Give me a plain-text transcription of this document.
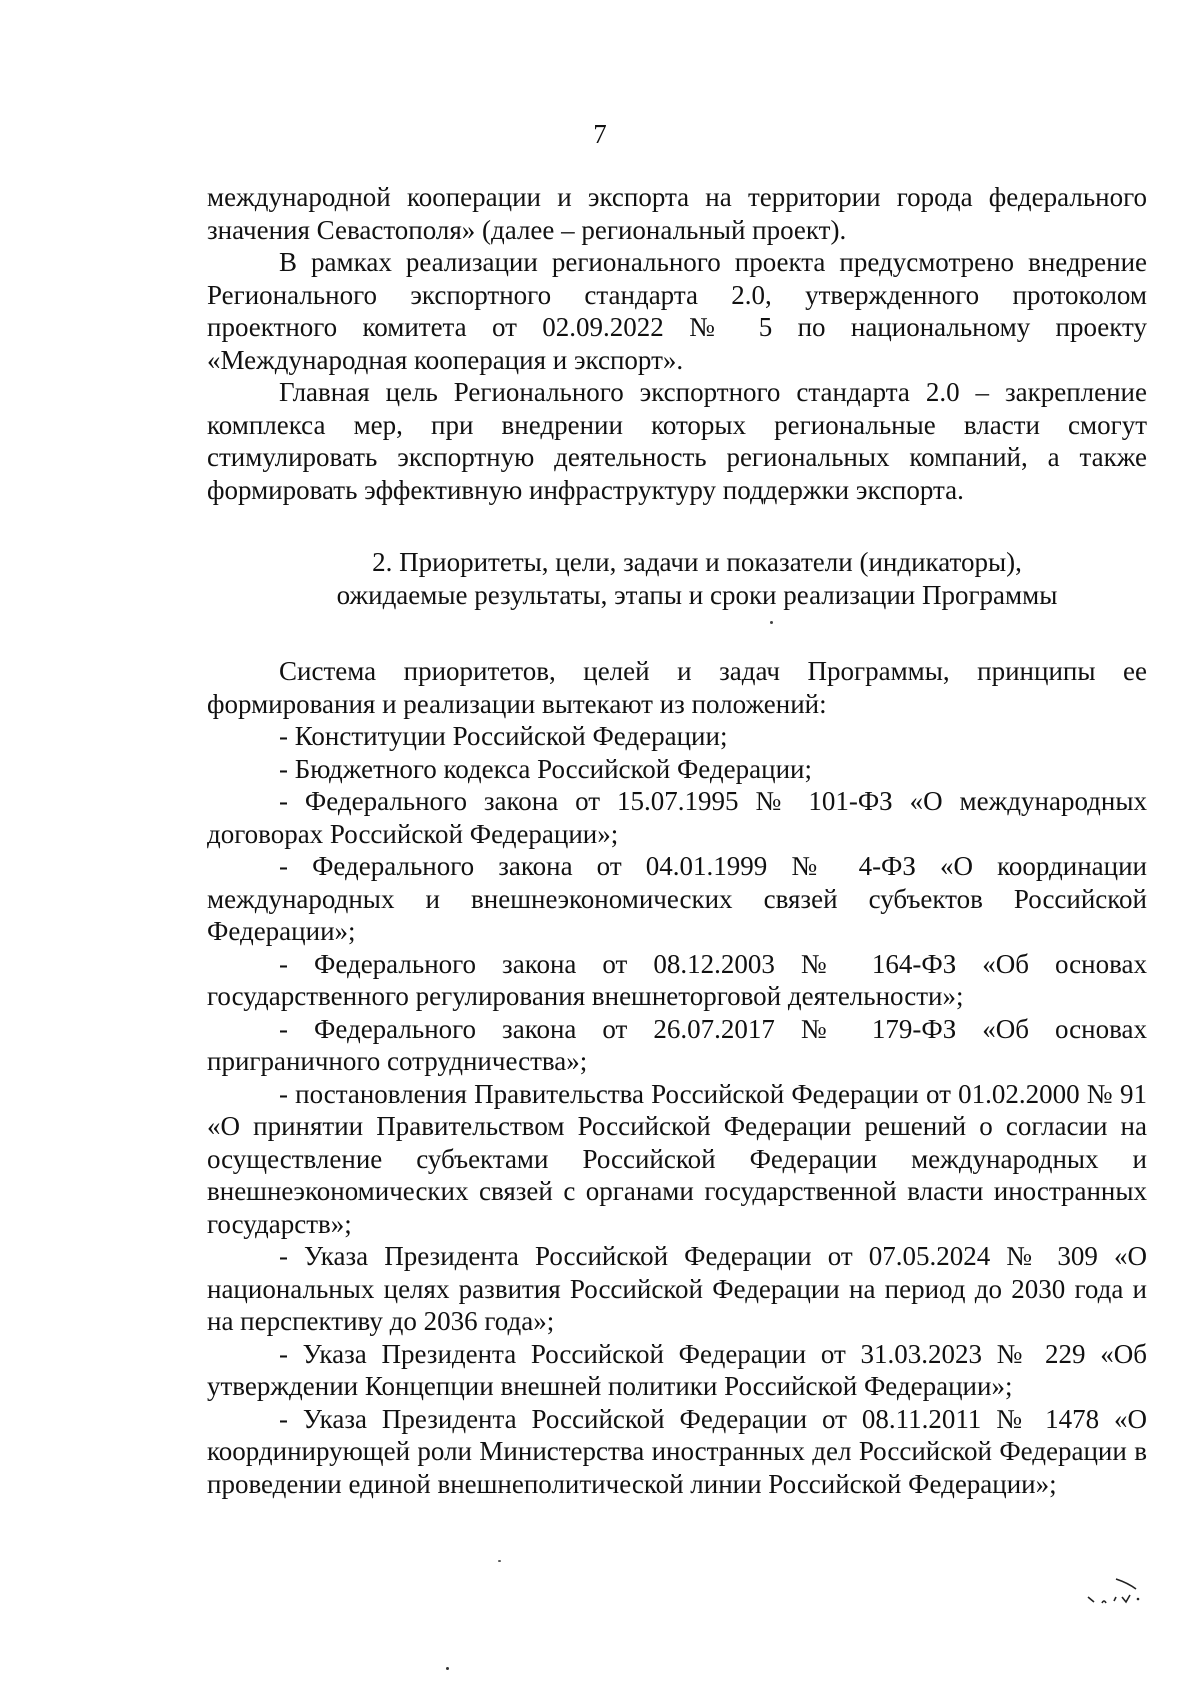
7

международной кооперации и экспорта на территории города федерального значения Севастополя» (далее – региональный проект).

В рамках реализации регионального проекта предусмотрено внедрение Регионального экспортного стандарта 2.0, утвержденного протоколом проектного комитета от 02.09.2022 № 5 по национальному проекту «Международная кооперация и экспорт».

Главная цель Регионального экспортного стандарта 2.0 – закрепление комплекса мер, при внедрении которых региональные власти смогут стимулировать экспортную деятельность региональных компаний, а также формировать эффективную инфраструктуру поддержки экспорта.

2. Приоритеты, цели, задачи и показатели (индикаторы),
ожидаемые результаты, этапы и сроки реализации Программы

Система приоритетов, целей и задач Программы, принципы ее формирования и реализации вытекают из положений:

- Конституции Российской Федерации;

- Бюджетного кодекса Российской Федерации;

- Федерального закона от 15.07.1995 № 101-ФЗ «О международных договорах Российской Федерации»;

- Федерального закона от 04.01.1999 № 4-ФЗ «О координации международных и внешнеэкономических связей субъектов Российской Федерации»;

- Федерального закона от 08.12.2003 № 164-ФЗ «Об основах государственного регулирования внешнеторговой деятельности»;

- Федерального закона от 26.07.2017 № 179-ФЗ «Об основах приграничного сотрудничества»;

- постановления Правительства Российской Федерации от 01.02.2000 № 91 «О принятии Правительством Российской Федерации решений о согласии на осуществление субъектами Российской Федерации международных и внешнеэкономических связей с органами государственной власти иностранных государств»;

- Указа Президента Российской Федерации от 07.05.2024 № 309 «О национальных целях развития Российской Федерации на период до 2030 года и на перспективу до 2036 года»;

- Указа Президента Российской Федерации от 31.03.2023 № 229 «Об утверждении Концепции внешней политики Российской Федерации»;

- Указа Президента Российской Федерации от 08.11.2011 № 1478 «О координирующей роли Министерства иностранных дел Российской Федерации в проведении единой внешнеполитической линии Российской Федерации»;
